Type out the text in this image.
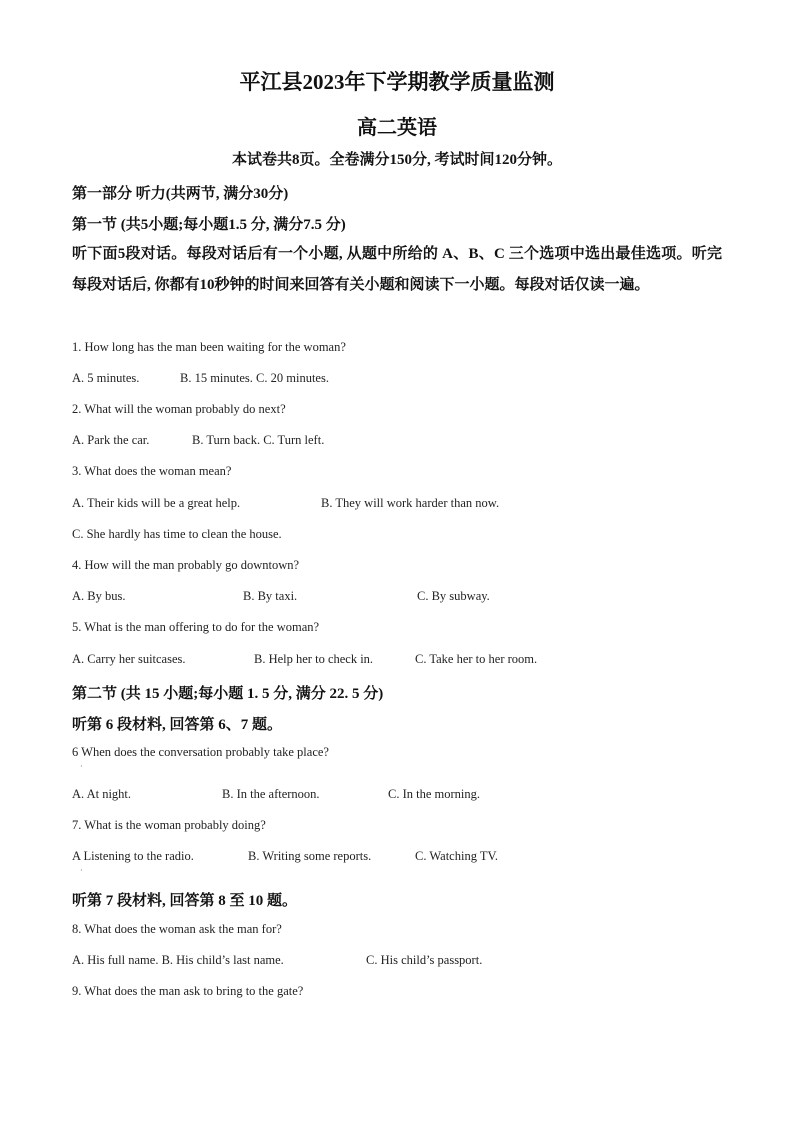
平江县2023年下学期教学质量监测
高二英语
本试卷共8页。全卷满分150分, 考试时间120分钟。
第一部分 听力(共两节, 满分30分)
第一节 (共5小题;每小题1.5 分, 满分7.5 分)
听下面5段对话。每段对话后有一个小题, 从题中所给的 A、B、C 三个选项中选出最佳选项。听完每段对话后, 你都有10秒钟的时间来回答有关小题和阅读下一小题。每段对话仅读一遍。
1. How long has the man been waiting for the woman?
A. 5 minutes.	B. 15 minutes. C. 20 minutes.
2. What will the woman probably do next?
A. Park the car.	B. Turn back. C. Turn left.
3. What does the woman mean?
A. Their kids will be a great help.	B. They will work harder than now.
C. She hardly has time to clean the house.
4. How will the man probably go downtown?
A. By bus.	B. By taxi.	C. By subway.
5. What is the man offering to do for the woman?
A. Carry her suitcases.	B. Help her to check in.	C. Take her to her room.
第二节 (共 15 小题;每小题 1. 5 分, 满分 22. 5 分)
听第 6 段材料, 回答第 6、7 题。
6 When does the conversation probably take place?
·
A. At night.	B. In the afternoon.	C. In the morning.
7. What is the woman probably doing?
A Listening to the radio.	B. Writing some reports.	C. Watching TV.
·
听第 7 段材料, 回答第 8 至 10 题。
8. What does the woman ask the man for?
A. His full name. B. His child’s last name.	C. His child’s passport.
9. What does the man ask to bring to the gate?
